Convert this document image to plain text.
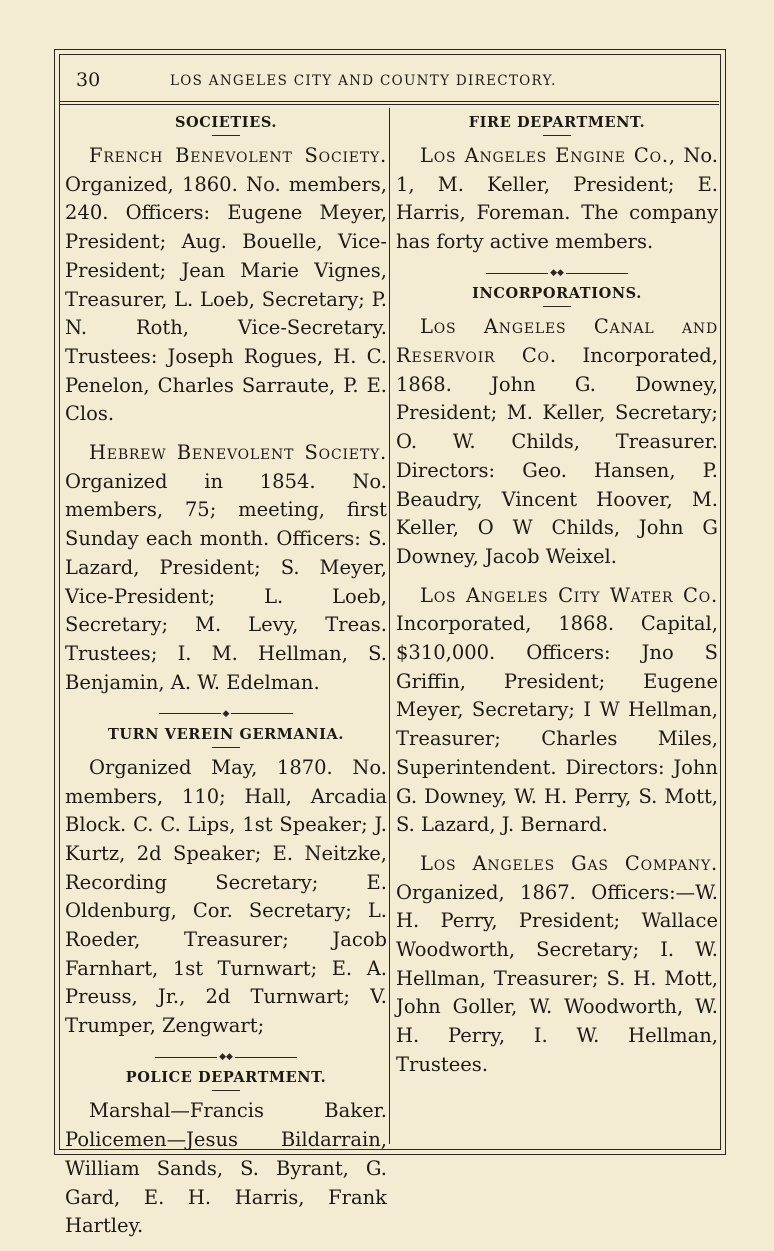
30	LOS ANGELES CITY AND COUNTY DIRECTORY.
SOCIETIES.

French Benevolent Society. Organized, 1860. No. members, 240. Officers: Eugene Meyer, President; Aug. Bouelle, Vice-President; Jean Marie Vignes, Treasurer, L. Loeb, Secretary; P. N. Roth, Vice-Secretary. Trustees: Joseph Rogues, H. C. Penelon, Charles Sarraute, P. E. Clos.

Hebrew Benevolent Society. Organized in 1854. No. members, 75; meeting, first Sunday each month. Officers: S. Lazard, President; S. Meyer, Vice-President; L. Loeb, Secretary; M. Levy, Treas. Trustees; I. M. Hellman, S. Benjamin, A. W. Edelman.

◆
TURN VEREIN GERMANIA.

Organized May, 1870. No. members, 110; Hall, Arcadia Block. C. C. Lips, 1st Speaker; J. Kurtz, 2d Speaker; E. Neitzke, Recording Secretary; E. Oldenburg, Cor. Secretary; L. Roeder, Treasurer; Jacob Farnhart, 1st Turnwart; E. A. Preuss, Jr., 2d Turnwart; V. Trumper, Zengwart;

◆◆
POLICE DEPARTMENT.

Marshal—Francis Baker. Policemen—Jesus Bildarrain, William Sands, S. Byrant, G. Gard, E. H. Harris, Frank Hartley.

FIRE DEPARTMENT.

Los Angeles Engine Co., No. 1, M. Keller, President; E. Harris, Foreman. The company has forty active members.

◆◆
INCORPORATIONS.

Los Angeles Canal and Reservoir Co. Incorporated, 1868. John G. Downey, President; M. Keller, Secretary; O. W. Childs, Treasurer. Directors: Geo. Hansen, P. Beaudry, Vincent Hoover, M. Keller, O W Childs, John G Downey, Jacob Weixel.

Los Angeles City Water Co. Incorporated, 1868. Capital, $310,000. Officers: Jno S Griffin, President; Eugene Meyer, Secretary; I W Hellman, Treasurer; Charles Miles, Superintendent. Directors: John G. Downey, W. H. Perry, S. Mott, S. Lazard, J. Bernard.

Los Angeles Gas Company. Organized, 1867. Officers:—W. H. Perry, President; Wallace Woodworth, Secretary; I. W. Hellman, Treasurer; S. H. Mott, John Goller, W. Woodworth, W. H. Perry, I. W. Hellman, Trustees.
